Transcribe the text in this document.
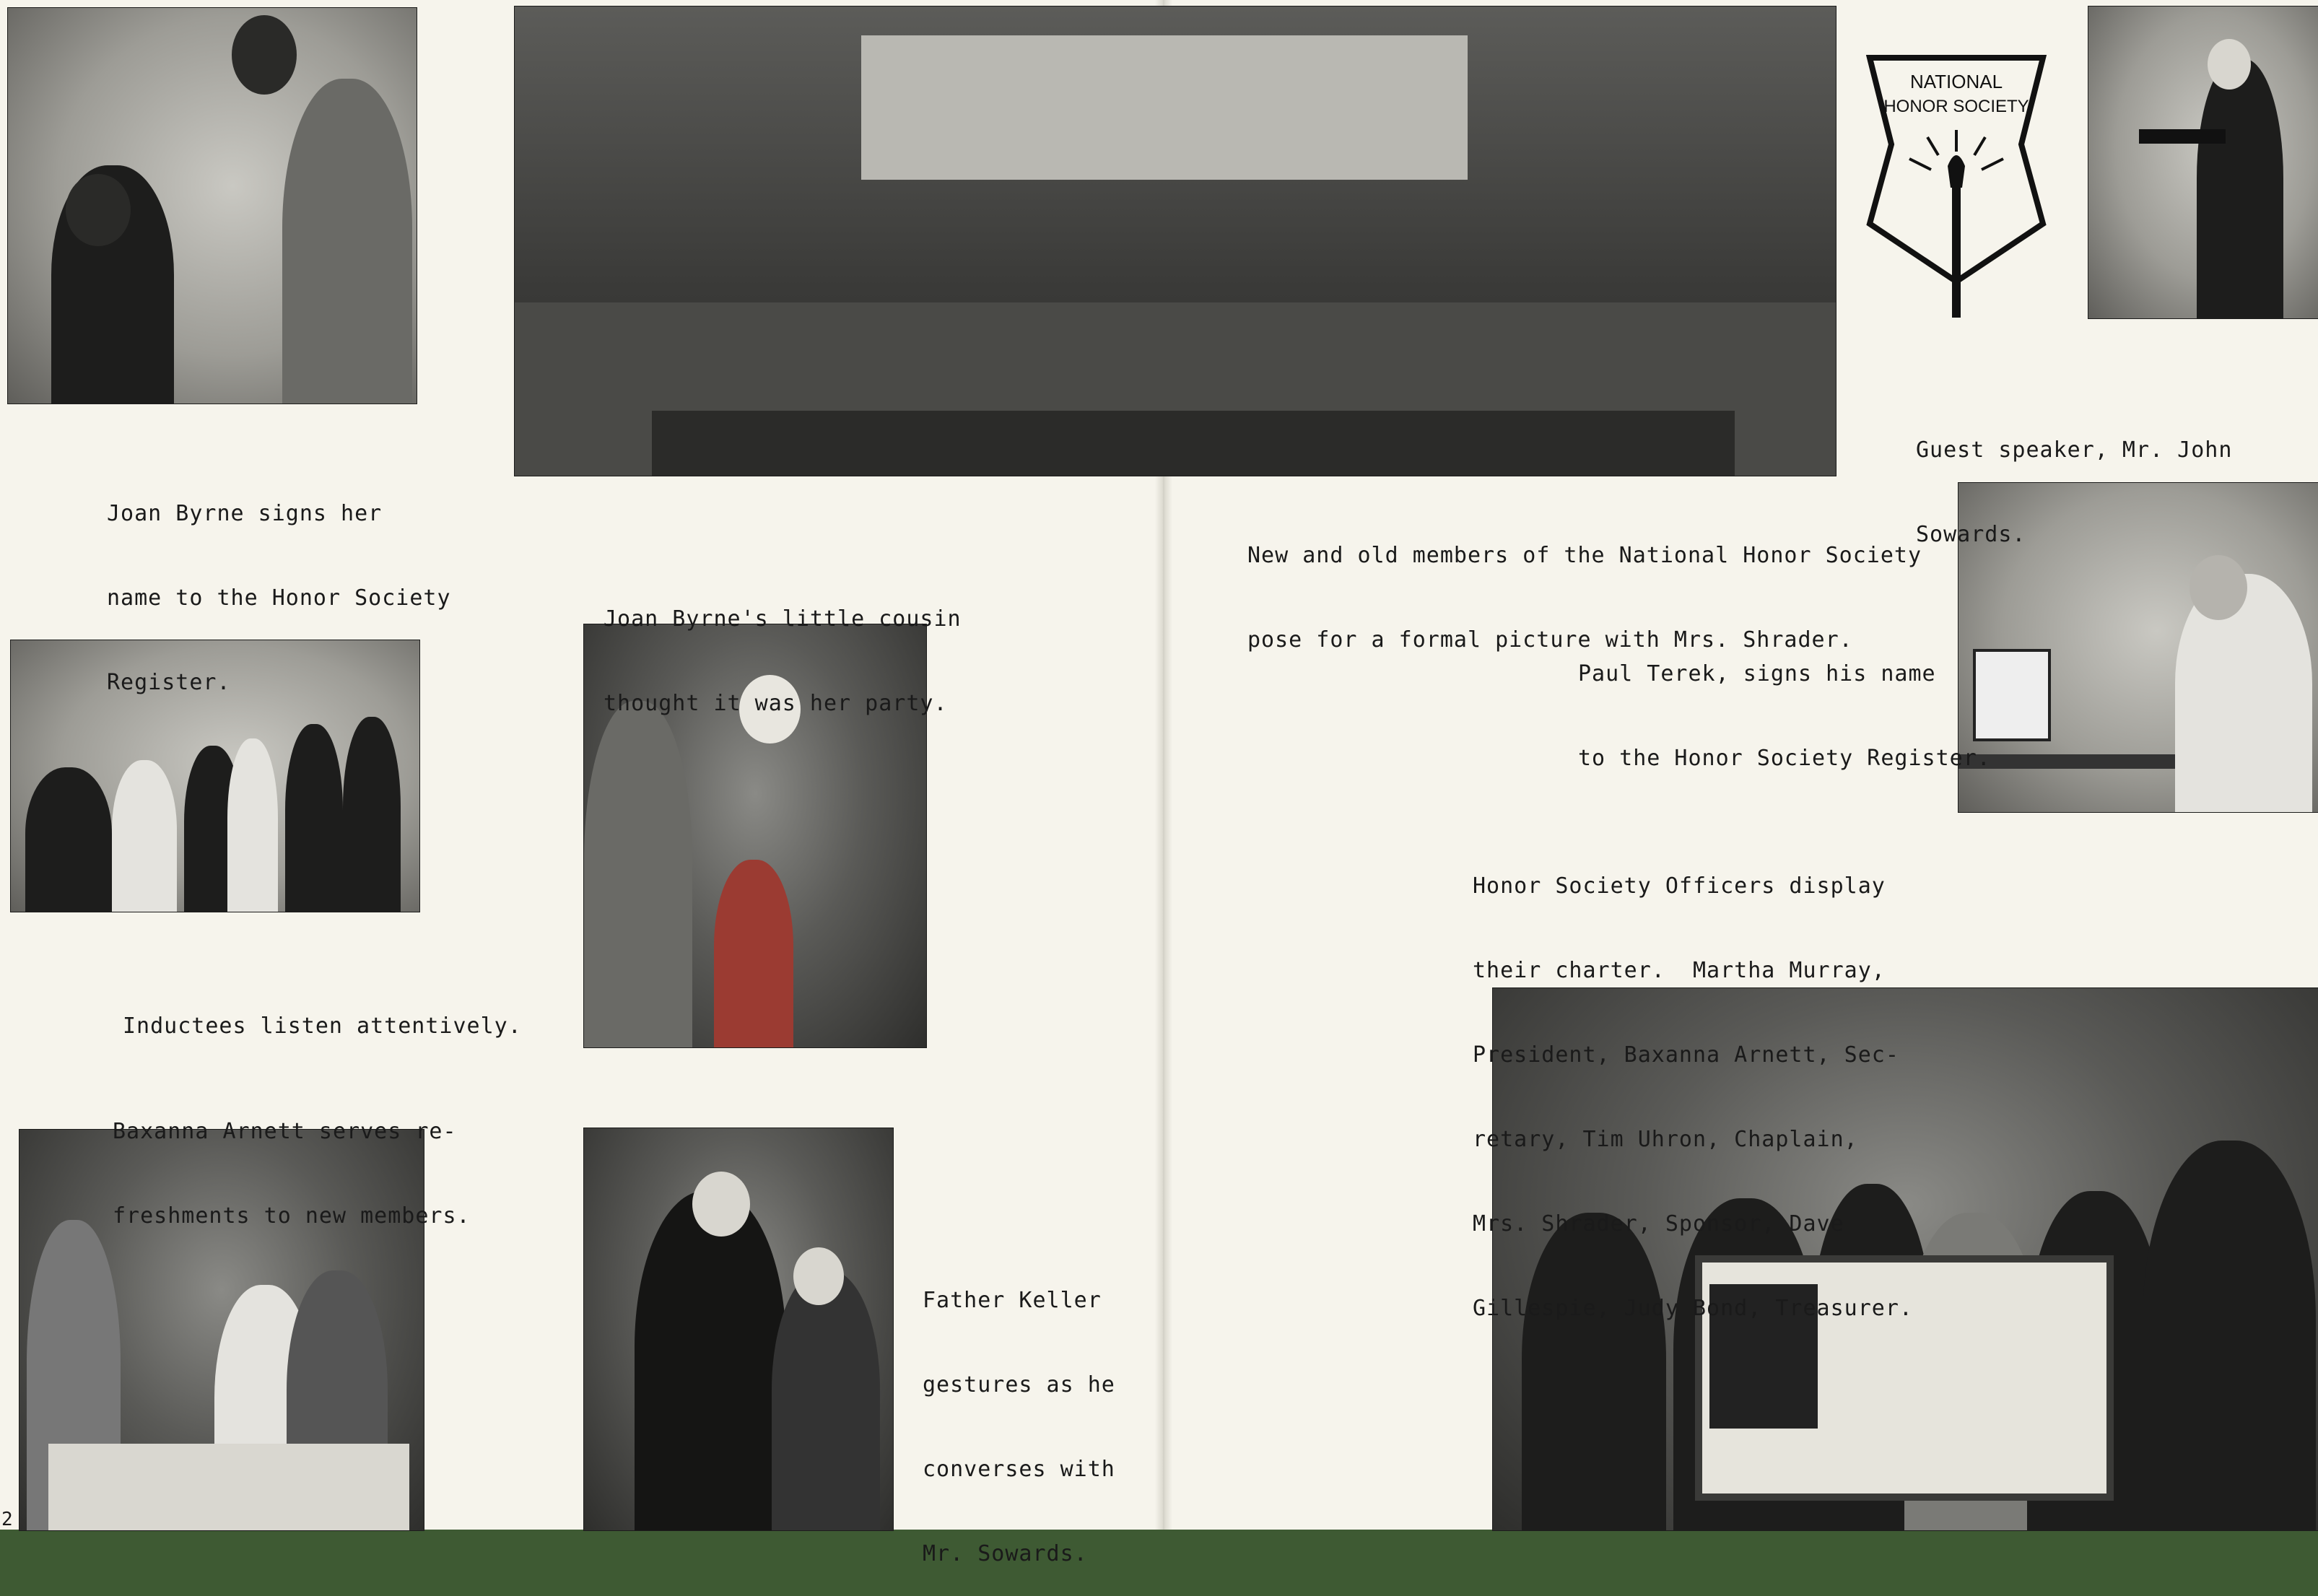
NATIONAL
HONOR SOCIETY

Joan Byrne signs her

name to the Honor Society

Register.

Inductees listen attentively.

Baxanna Arnett serves re-

freshments to new members.

Joan Byrne's little cousin

thought it was her party.

Father Keller

gestures as he

converses with

Mr. Sowards.

New and old members of the National Honor Society

pose for a formal picture with Mrs. Shrader.

Guest speaker, Mr. John

Sowards.

Paul Terek, signs his name

to the Honor Society Register.

Honor Society Officers display

their charter.  Martha Murray,

President, Baxanna Arnett, Sec-

retary, Tim Uhron, Chaplain,

Mrs. Shrader, Sponsor, Dave

Gillespie, Judy Bond, Treasurer.

2
